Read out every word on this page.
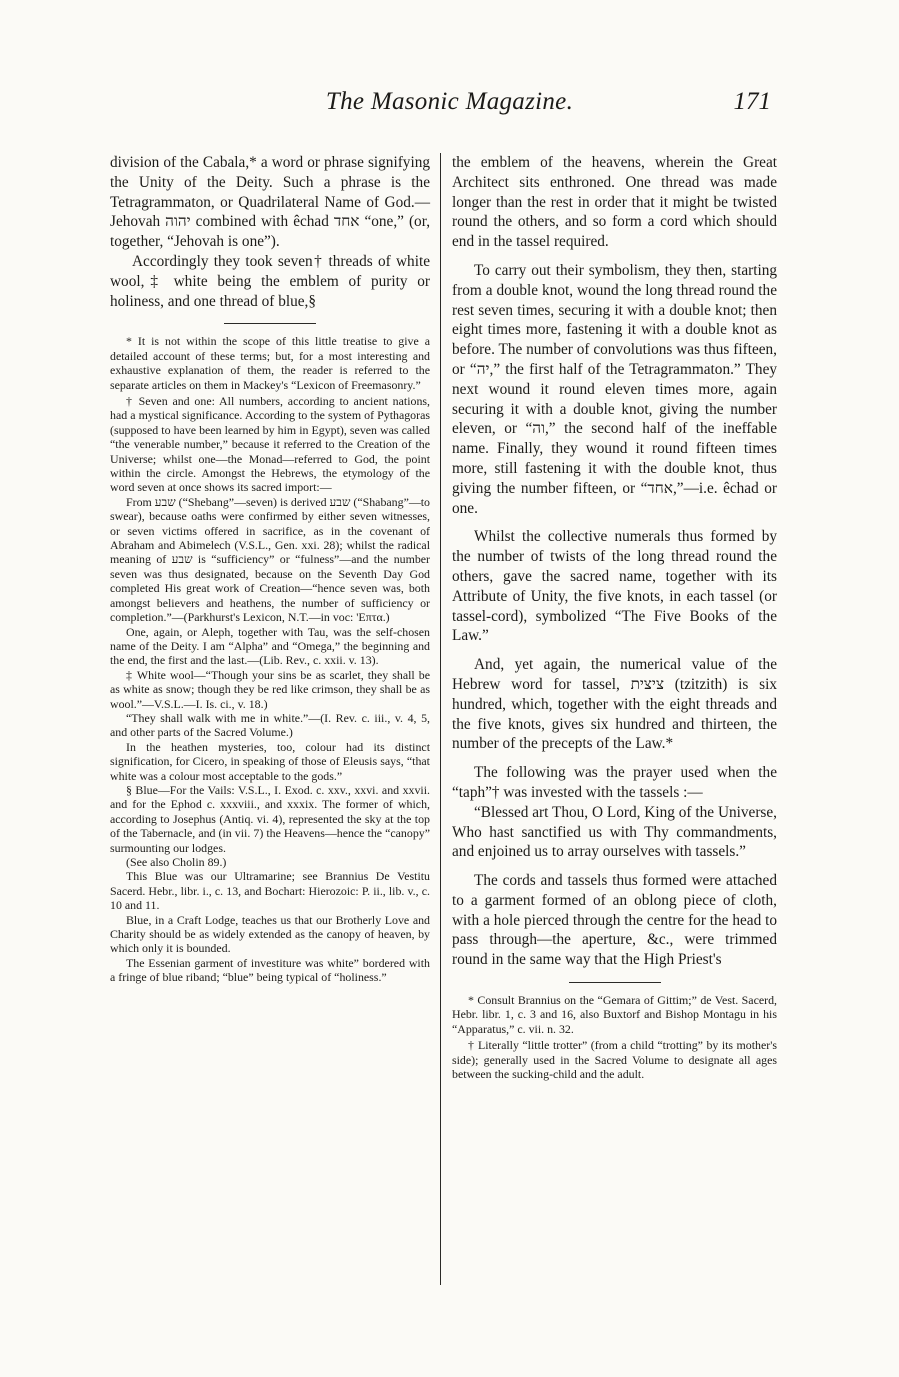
The Masonic Magazine.	171

division of the Cabala,* a word or phrase signifying the Unity of the Deity. Such a phrase is the Tetragrammaton, or Quadrilateral Name of God.—Jehovah יהוה combined with êchad אחד “one,” (or, together, “Jehovah is one”).

Accordingly they took seven† threads of white wool,‡ white being the emblem of purity or holiness, and one thread of blue,§

* It is not within the scope of this little treatise to give a detailed account of these terms; but, for a most interesting and exhaustive explanation of them, the reader is referred to the separate articles on them in Mackey's “Lexicon of Freemasonry.”

† Seven and one: All numbers, according to ancient nations, had a mystical significance. According to the system of Pythagoras (supposed to have been learned by him in Egypt), seven was called “the venerable number,” because it referred to the Creation of the Universe; whilst one—the Monad—referred to God, the point within the circle. Amongst the Hebrews, the etymology of the word seven at once shows its sacred import:—

From שבע (“Shebang”—seven) is derived שבע (“Shabang”—to swear), because oaths were confirmed by either seven witnesses, or seven victims offered in sacrifice, as in the covenant of Abraham and Abimelech (V.S.L., Gen. xxi. 28); whilst the radical meaning of שבע is “sufficiency” or “fulness”—and the number seven was thus designated, because on the Seventh Day God completed His great work of Creation—“hence seven was, both amongst believers and heathens, the number of sufficiency or completion.”—(Parkhurst's Lexicon, N.T.—in voc: 'Επτα.)

One, again, or Aleph, together with Tau, was the self-chosen name of the Deity. I am “Alpha” and “Omega,” the beginning and the end, the first and the last.—(Lib. Rev., c. xxii. v. 13).

‡ White wool—“Though your sins be as scarlet, they shall be as white as snow; though they be red like crimson, they shall be as wool.”—V.S.L.—I. Is. ci., v. 18.)

“They shall walk with me in white.”—(I. Rev. c. iii., v. 4, 5, and other parts of the Sacred Volume.)

In the heathen mysteries, too, colour had its distinct signification, for Cicero, in speaking of those of Eleusis says, “that white was a colour most acceptable to the gods.”

§ Blue—For the Vails: V.S.L., I. Exod. c. xxv., xxvi. and xxvii. and for the Ephod c. xxxviii., and xxxix. The former of which, according to Josephus (Antiq. vi. 4), represented the sky at the top of the Tabernacle, and (in vii. 7) the Heavens—hence the “canopy” surmounting our lodges.

(See also Cholin 89.)

This Blue was our Ultramarine; see Brannius De Vestitu Sacerd. Hebr., libr. i., c. 13, and Bochart: Hierozoic: P. ii., lib. v., c. 10 and 11.

Blue, in a Craft Lodge, teaches us that our Brotherly Love and Charity should be as widely extended as the canopy of heaven, by which only it is bounded.

The Essenian garment of investiture was white” bordered with a fringe of blue riband; “blue” being typical of “holiness.”

the emblem of the heavens, wherein the Great Architect sits enthroned. One thread was made longer than the rest in order that it might be twisted round the others, and so form a cord which should end in the tassel required.

To carry out their symbolism, they then, starting from a double knot, wound the long thread round the rest seven times, securing it with a double knot; then eight times more, fastening it with a double knot as before. The number of convolutions was thus fifteen, or “יה,” the first half of the Tetragrammaton.” They next wound it round eleven times more, again securing it with a double knot, giving the number eleven, or “וה,” the second half of the ineffable name. Finally, they wound it round fifteen times more, still fastening it with the double knot, thus giving the number fifteen, or “אחד,”—i.e. êchad or one.

Whilst the collective numerals thus formed by the number of twists of the long thread round the others, gave the sacred name, together with its Attribute of Unity, the five knots, in each tassel (or tassel-cord), symbolized “The Five Books of the Law.”

And, yet again, the numerical value of the Hebrew word for tassel, ציצית (tzitzith) is six hundred, which, together with the eight threads and the five knots, gives six hundred and thirteen, the number of the precepts of the Law.*

The following was the prayer used when the “taph”† was invested with the tassels :—

“Blessed art Thou, O Lord, King of the Universe, Who hast sanctified us with Thy commandments, and enjoined us to array ourselves with tassels.”

The cords and tassels thus formed were attached to a garment formed of an oblong piece of cloth, with a hole pierced through the centre for the head to pass through—the aperture, &c., were trimmed round in the same way that the High Priest's

* Consult Brannius on the “Gemara of Gittim;” de Vest. Sacerd, Hebr. libr. 1, c. 3 and 16, also Buxtorf and Bishop Montagu in his “Apparatus,” c. vii. n. 32.

† Literally “little trotter” (from a child “trotting” by its mother's side); generally used in the Sacred Volume to designate all ages between the sucking-child and the adult.
